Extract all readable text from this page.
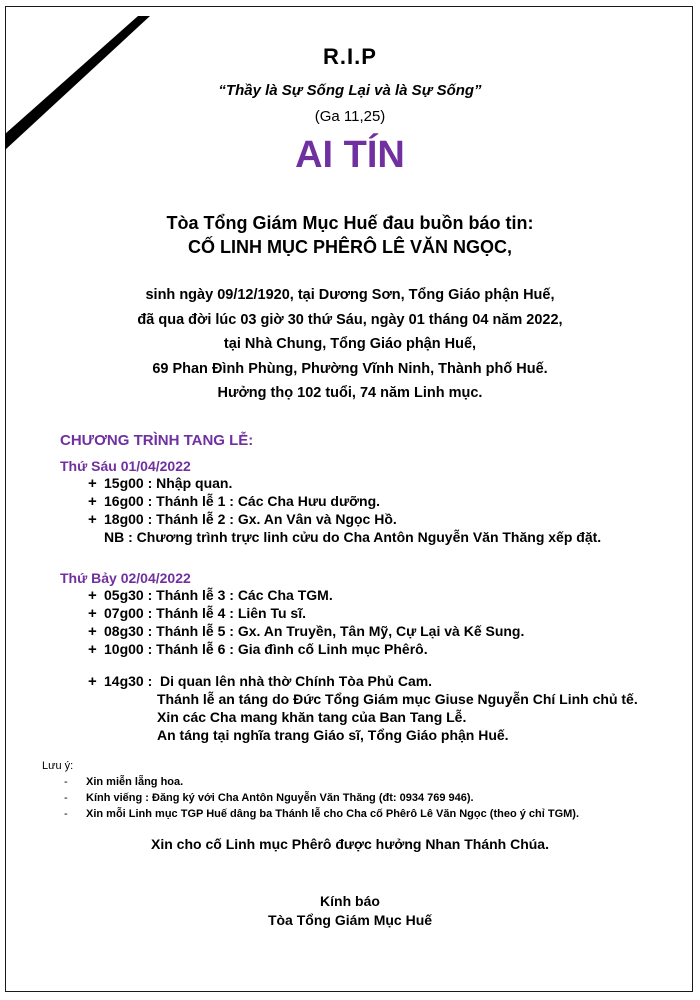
R.I.P
“Thầy là Sự Sống Lại và là Sự Sống”
(Ga 11,25)
AI TÍN
Tòa Tổng Giám Mục Huế đau buồn báo tin:
CỐ LINH MỤC PHÊRÔ LÊ VĂN NGỌC,
sinh ngày 09/12/1920, tại Dương Sơn, Tổng Giáo phận Huế,
đã qua đời lúc 03 giờ 30 thứ Sáu, ngày 01 tháng 04 năm 2022,
tại Nhà Chung, Tổng Giáo phận Huế,
69 Phan Đình Phùng, Phường Vĩnh Ninh, Thành phố Huế.
Hưởng thọ 102 tuổi, 74 năm Linh mục.
CHƯƠNG TRÌNH TANG LỄ:
Thứ Sáu 01/04/2022
+ 15g00 : Nhập quan.
+ 16g00 : Thánh lễ 1 : Các Cha Hưu dưỡng.
+ 18g00 : Thánh lễ 2 : Gx. An Vân và Ngọc Hồ.
NB : Chương trình trực linh cửu do Cha Antôn Nguyễn Văn Thăng xếp đặt.
Thứ Bảy 02/04/2022
+ 05g30 : Thánh lễ 3 : Các Cha TGM.
+ 07g00 : Thánh lễ 4 : Liên Tu sĩ.
+ 08g30 : Thánh lễ 5 : Gx. An Truyền, Tân Mỹ, Cự Lại và Kế Sung.
+ 10g00 : Thánh lễ 6 : Gia đình cố Linh mục Phêrô.
+ 14g30 : Di quan lên nhà thờ Chính Tòa Phủ Cam.
Thánh lễ an táng do Đức Tổng Giám mục Giuse Nguyễn Chí Linh chủ tế.
Xin các Cha mang khăn tang của Ban Tang Lễ.
An táng tại nghĩa trang Giáo sĩ, Tổng Giáo phận Huế.
Lưu ý:
- Xin miễn lẵng hoa.
- Kính viếng : Đăng ký với Cha Antôn Nguyễn Văn Thăng (đt: 0934 769 946).
- Xin mỗi Linh mục TGP Huế dâng ba Thánh lễ cho Cha cố Phêrô Lê Văn Ngọc (theo ý chỉ TGM).
Xin cho cố Linh mục Phêrô được hưởng Nhan Thánh Chúa.
Kính báo
Tòa Tổng Giám Mục Huế
